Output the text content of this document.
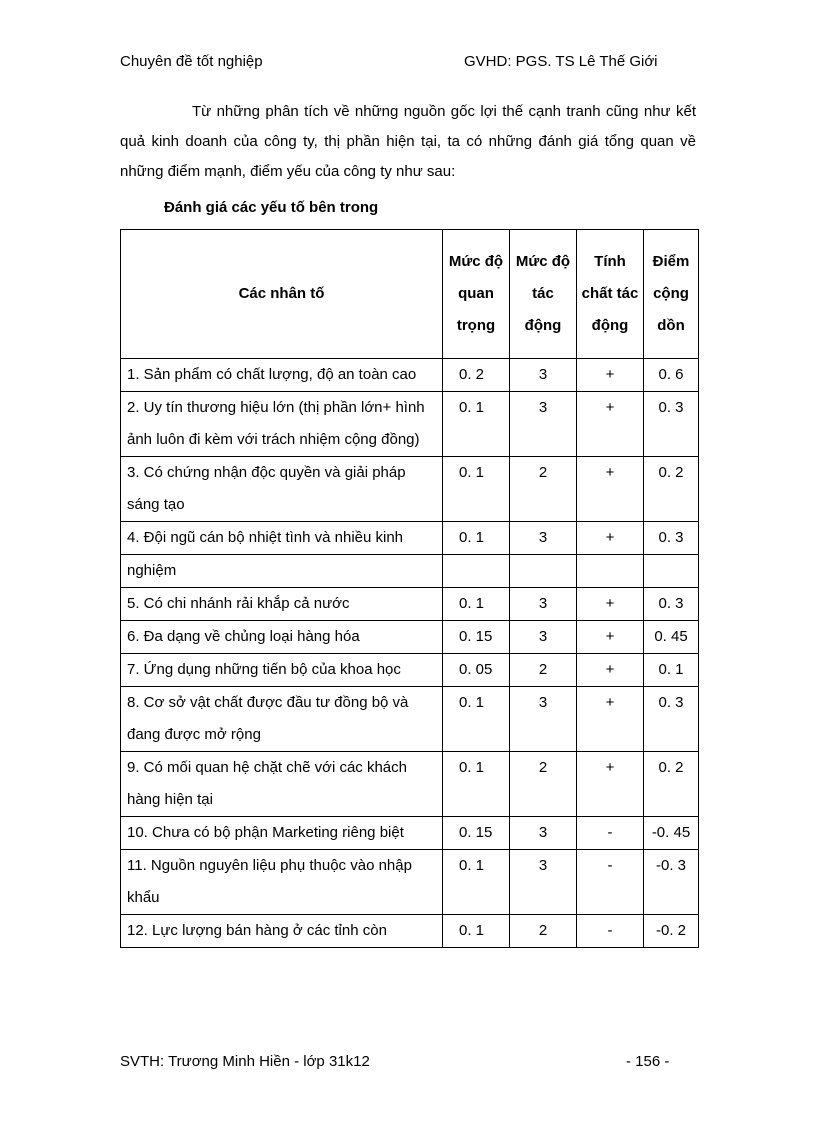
Chuyên đề tốt nghiệp	GVHD: PGS. TS Lê Thế Giới

Từ những phân tích về những nguồn gốc lợi thế cạnh tranh cũng như kết quả kinh doanh của công ty, thị phần hiện tại, ta có những đánh giá tổng quan về những điểm mạnh, điểm yếu của công ty như sau:

Đánh giá các yếu tố bên trong
Các nhân tố	Mức độ quan trọng	Mức độ tác động	Tính chất tác động	Điểm cộng dồn
1. Sản phẩm có chất lượng, độ an toàn cao	0. 2	3	+	0. 6
2. Uy tín thương hiệu lớn (thị phần lớn+ hình ảnh luôn đi kèm với trách nhiệm cộng đồng)	0. 1	3	+	0. 3
3. Có chứng nhận độc quyền và giải pháp sáng tạo	0. 1	2	+	0. 2
4. Đội ngũ cán bộ nhiệt tình và nhiều kinh	0. 1	3	+	0. 3
nghiệm				
5. Có chi nhánh rải khắp cả nước	0. 1	3	+	0. 3
6. Đa dạng về chủng loại hàng hóa	0. 15	3	+	0. 45
7. Ứng dụng những tiến bộ của khoa học	0. 05	2	+	0. 1
8. Cơ sở vật chất được đầu tư đồng bộ và đang được mở rộng	0. 1	3	+	0. 3
9. Có mối quan hệ chặt chẽ với các khách hàng hiện tại	0. 1	2	+	0. 2
10. Chưa có bộ phận Marketing riêng biệt	0. 15	3	-	-0. 45
11. Nguồn nguyên liệu phụ thuộc vào nhập khẩu	0. 1	3	-	-0. 3
12. Lực lượng bán hàng ở các tỉnh còn	0. 1	2	-	-0. 2
SVTH: Trương Minh Hiền - lớp 31k12	- 156 -
